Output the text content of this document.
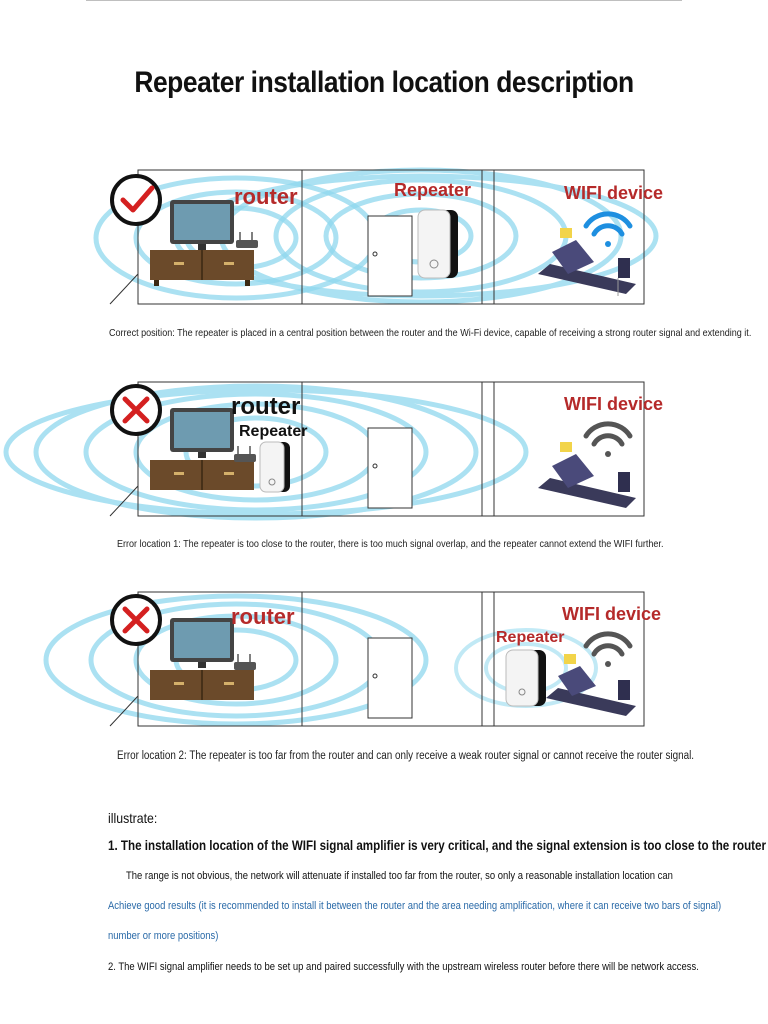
Repeater installation location description
router	Repeater	WIFI device
Correct position: The repeater is placed in a central position between the router and the Wi-Fi device, capable of receiving a strong router signal and extending it.
router
Repeater
WIFI device
Error location 1: The repeater is too close to the router, there is too much signal overlap, and the repeater cannot extend the WIFI further.
router
Repeater
WIFI device
Error location 2: The repeater is too far from the router and can only receive a weak router signal or cannot receive the router signal.
illustrate:
1. The installation location of the WIFI signal amplifier is very critical, and the signal extension is too close to the router
The range is not obvious, the network will attenuate if installed too far from the router, so only a reasonable installation location can
Achieve good results (it is recommended to install it between the router and the area needing amplification, where it can receive two bars of signal)
number or more positions)
2. The WIFI signal amplifier needs to be set up and paired successfully with the upstream wireless router before there will be network access.
